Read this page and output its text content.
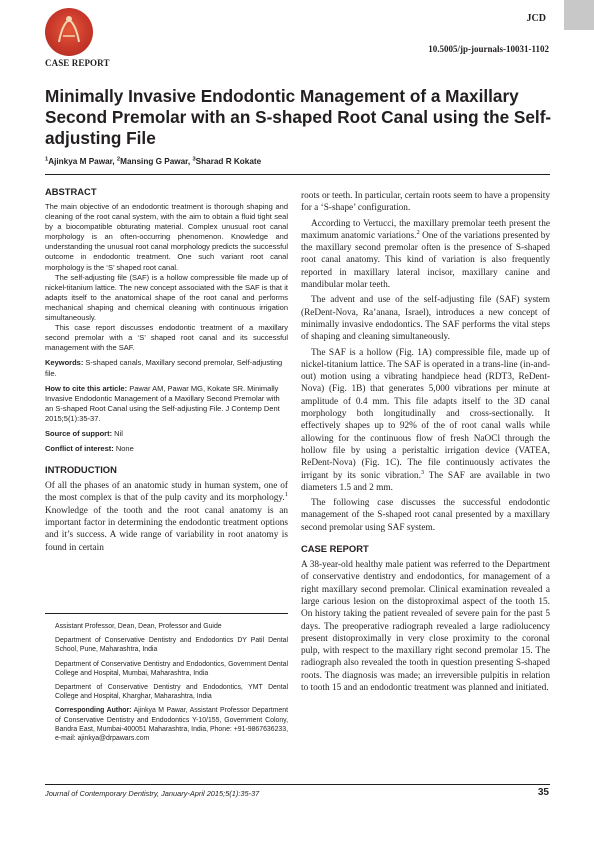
JCD
10.5005/jp-journals-10031-1102
CASE REPORT
Minimally Invasive Endodontic Management of a Maxillary Second Premolar with an S-shaped Root Canal using the Self-adjusting File
$^1$Ajinkya M Pawar, $^2$Mansing G Pawar, $^3$Sharad R Kokate
ABSTRACT

The main objective of an endodontic treatment is thorough shaping and cleaning of the root canal system, with the aim to obtain a fluid tight seal by a biocompatible obturating material. Complex unusual root canal morphology is an often-occurring phenomenon. Knowledge and understanding the unusual root canal morphology predicts the successful outcome in endodontic treatment. One such variant root canal morphology is the ‘S’ shaped root canal.

The self-adjusting file (SAF) is a hollow compressible file made up of nickel-titanium lattice. The new concept associated with the SAF is that it adapts itself to the anatomical shape of the root canal and performs mechanical shaping and chemical cleaning with continuous irrigation simultaneously.

This case report discusses endodontic treatment of a maxillary second premolar with a ‘S’ shaped root canal and its successful management with the SAF.

Keywords: S-shaped canals, Maxillary second premolar, Self-adjusting file.

How to cite this article: Pawar AM, Pawar MG, Kokate SR. Minimally Invasive Endodontic Management of a Maxillary Second Premolar with an S-shaped Root Canal using the Self-adjusting File. J Contemp Dent 2015;5(1):35-37.

Source of support: Nil

Conflict of interest: None

INTRODUCTION

Of all the phases of an anatomic study in human system, one of the most complex is that of the pulp cavity and its morphology.$^1$ Knowledge of the tooth and the root canal anatomy is an important factor in determining the endodontic treatment options and it’s success. A wide range of variability in root anatomy is found in certain

Assistant Professor, Dean, Dean, Professor and Guide

Department of Conservative Dentistry and Endodontics DY Patil Dental School, Pune, Maharashtra, India

Department of Conservative Dentistry and Endodontics, Government Dental College and Hospital, Mumbai, Maharashtra, India

Department of Conservative Dentistry and Endodontics, YMT Dental College and Hospital, Kharghar, Maharashtra, India

Corresponding Author: Ajinkya M Pawar, Assistant Professor Department of Conservative Dentistry and Endodontics Y-10/155, Government Colony, Bandra East, Mumbai-400051 Maharashtra, India, Phone: +91-9867636233, e-mail: ajinkya@drpawars.com

roots or teeth. In particular, certain roots seem to have a propensity for a ‘S-shape’ configuration.

According to Vertucci, the maxillary premolar teeth present the maximum anatomic variations.$^2$ One of the variations presented by the maxillary second premolar often is the presence of S-shaped root canal anatomy. This kind of variation is also frequently reported in maxillary lateral incisor, maxillary canine and mandibular molar teeth.

The advent and use of the self-adjusting file (SAF) system (ReDent-Nova, Ra’anana, Israel), introduces a new concept of minimally invasive endodontics. The SAF performs the vital steps of shaping and cleaning simultaneously.

The SAF is a hollow (Fig. 1A) compressible file, made up of nickel-titanium lattice. The SAF is operated in a trans-line (in-and-out) motion using a vibrating handpiece head (RDT3, ReDent-Nova) (Fig. 1B) that generates 5,000 vibrations per minute at amplitude of 0.4 mm. This file adapts itself to the 3D canal morphology both longitudinally and cross-sectionally. It effectively shapes up to 92% of the of root canal walls while allowing for the continuous flow of fresh NaOCl through the hollow file by using a peristaltic irrigation device (VATEA, ReDent-Nova) (Fig. 1C). The file continuously activates the irrigant by its sonic vibration.$^3$ The SAF are available in two diameters 1.5 and 2 mm.

The following case discusses the successful endodontic management of the S-shaped root canal presented by a maxillary second premolar using SAF system.

CASE REPORT

A 38-year-old healthy male patient was referred to the Department of conservative dentistry and endodontics, for management of a right maxillary second premolar. Clinical examination revealed a large carious lesion on the distoproximal aspect of the tooth 15. On history taking the patient revealed of severe pain for the past 5 days. The preoperative radiograph revealed a large radiolucency present distoproximally in very close proximity to the coronal pulp, with respect to the maxillary right second premolar 15. The radiograph also revealed the tooth in question presenting S-shaped roots. The diagnosis was made; an irreversible pulpitis in relation to tooth 15 and an endodontic treatment was planned and initiated.

Journal of Contemporary Dentistry, January-April 2015;5(1):35-37	35
